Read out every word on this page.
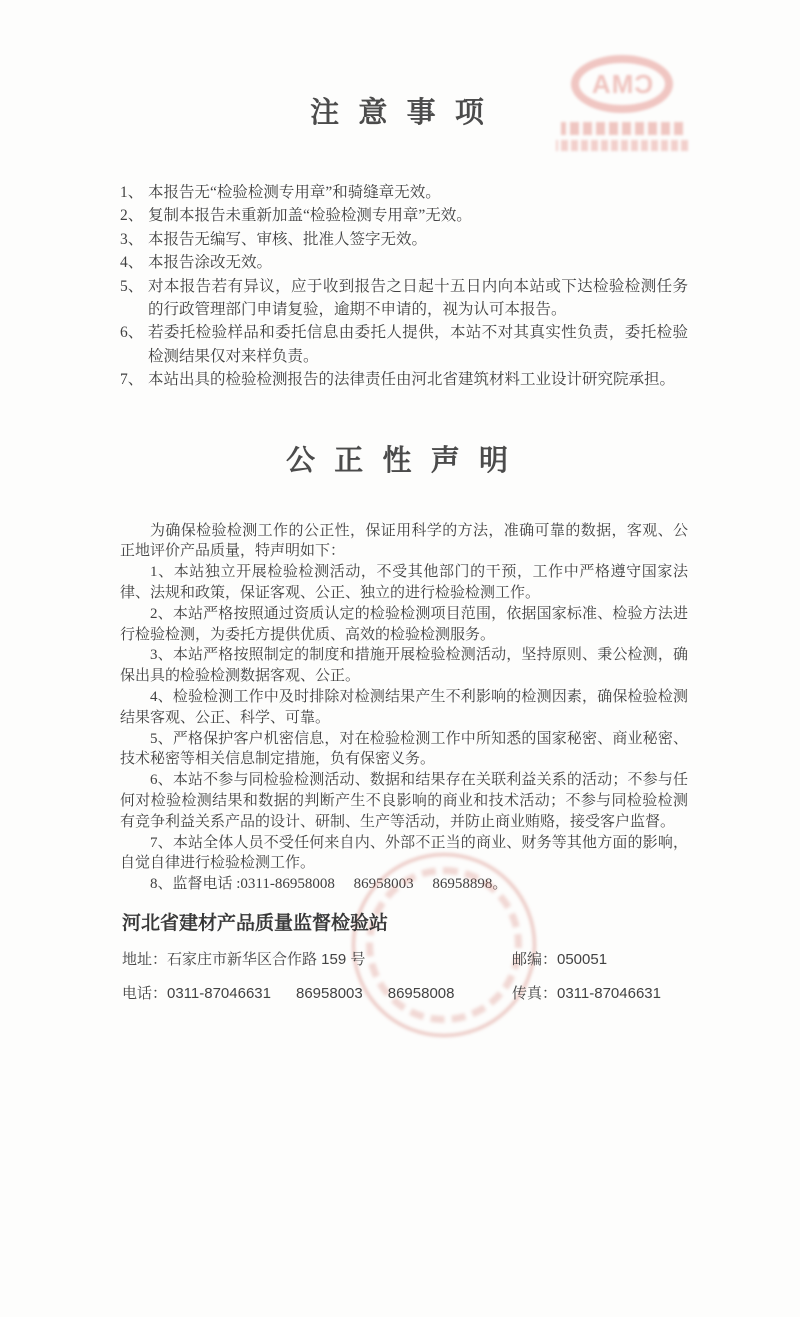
CMA
注 意 事 项
1、 本报告无“检验检测专用章”和骑缝章无效。
2、 复制本报告未重新加盖“检验检测专用章”无效。
3、 本报告无编写、审核、批准人签字无效。
4、 本报告涂改无效。
5、 对本报告若有异议，应于收到报告之日起十五日内向本站或下达检验检测任务的行政管理部门申请复验，逾期不申请的，视为认可本报告。
6、 若委托检验样品和委托信息由委托人提供，本站不对其真实性负责，委托检验检测结果仅对来样负责。
7、 本站出具的检验检测报告的法律责任由河北省建筑材料工业设计研究院承担。
公 正 性 声 明

为确保检验检测工作的公正性，保证用科学的方法，准确可靠的数据，客观、公正地评价产品质量，特声明如下：

1、本站独立开展检验检测活动，不受其他部门的干预，工作中严格遵守国家法律、法规和政策，保证客观、公正、独立的进行检验检测工作。

2、本站严格按照通过资质认定的检验检测项目范围，依据国家标准、检验方法进行检验检测，为委托方提供优质、高效的检验检测服务。

3、本站严格按照制定的制度和措施开展检验检测活动，坚持原则、秉公检测，确保出具的检验检测数据客观、公正。

4、检验检测工作中及时排除对检测结果产生不利影响的检测因素，确保检验检测结果客观、公正、科学、可靠。

5、严格保护客户机密信息，对在检验检测工作中所知悉的国家秘密、商业秘密、技术秘密等相关信息制定措施，负有保密义务。

6、本站不参与同检验检测活动、数据和结果存在关联利益关系的活动；不参与任何对检验检测结果和数据的判断产生不良影响的商业和技术活动；不参与同检验检测有竞争利益关系产品的设计、研制、生产等活动，并防止商业贿赂，接受客户监督。

7、本站全体人员不受任何来自内、外部不正当的商业、财务等其他方面的影响，自觉自律进行检验检测工作。

8、监督电话 :0311-86958008     86958003     86958898。

河北省建材产品质量监督检验站
地址：石家庄市新华区合作路 159 号	邮编：050051
电话：0311-87046631      86958003      86958008	传真：0311-87046631
